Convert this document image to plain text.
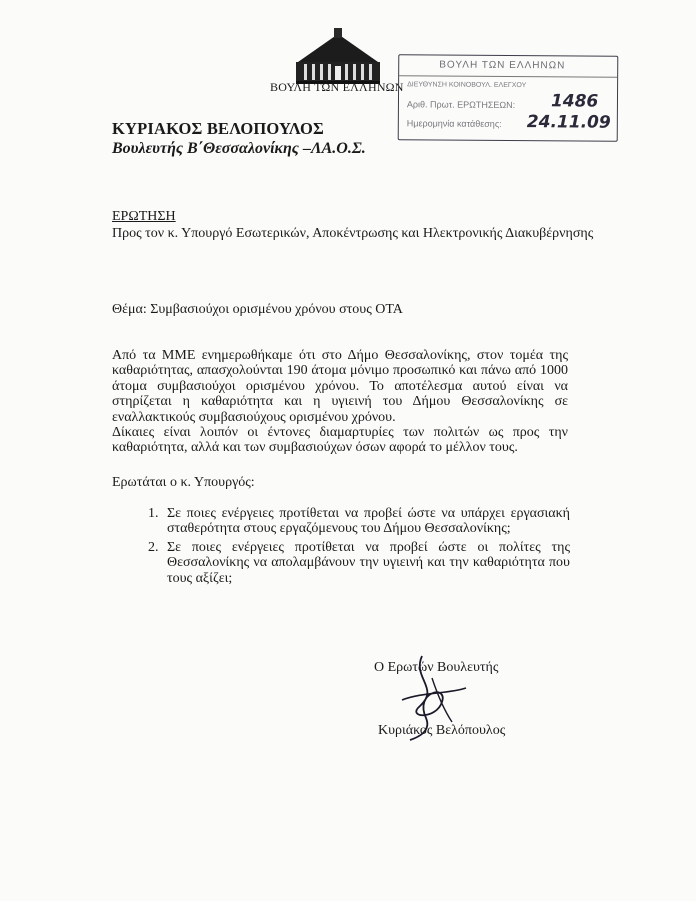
ΒΟΥΛΗ ΤΩΝ ΕΛΛΗΝΩΝ
ΒΟΥΛΗ ΤΩΝ ΕΛΛΗΝΩΝ
ΔΙΕΥΘΥΝΣΗ ΚΟΙΝΟΒΟΥΛ. ΕΛΕΓΧΟΥ
Αριθ. Πρωτ. ΕΡΩΤΗΣΕΩΝ:
Ημερομηνία κατάθεσης:
1486
24.11.09
ΚΥΡΙΑΚΟΣ ΒΕΛΟΠΟΥΛΟΣ
Βουλευτής Β΄Θεσσαλονίκης –ΛΑ.Ο.Σ.
ΕΡΩΤΗΣΗ
Προς τον κ. Υπουργό Εσωτερικών, Αποκέντρωσης και Ηλεκτρονικής Διακυβέρνησης
Θέμα: Συμβασιούχοι ορισμένου χρόνου στους ΟΤΑ

Από τα ΜΜΕ ενημερωθήκαμε ότι στο Δήμο Θεσσαλονίκης, στον τομέα της καθαριότητας, απασχολούνται 190 άτομα μόνιμο προσωπικό και πάνω από 1000 άτομα συμβασιούχοι ορισμένου χρόνου. Το αποτέλεσμα αυτού είναι να στηρίζεται η καθαριότητα και η υγιεινή του Δήμου Θεσσαλονίκης σε εναλλακτικούς συμβασιούχους ορισμένου χρόνου.

Δίκαιες είναι λοιπόν οι έντονες διαμαρτυρίες των πολιτών ως προς την καθαριότητα, αλλά και των συμβασιούχων όσων αφορά το μέλλον τους.

Ερωτάται ο κ. Υπουργός:
1. Σε ποιες ενέργειες προτίθεται να προβεί ώστε να υπάρχει εργασιακή σταθερότητα στους εργαζόμενους του Δήμου Θεσσαλονίκης;
2. Σε ποιες ενέργειες προτίθεται να προβεί ώστε οι πολίτες της Θεσσαλονίκης να απολαμβάνουν την υγιεινή και την καθαριότητα που τους αξίζει;
Ο Ερωτών Βουλευτής
Κυριάκος Βελόπουλος
